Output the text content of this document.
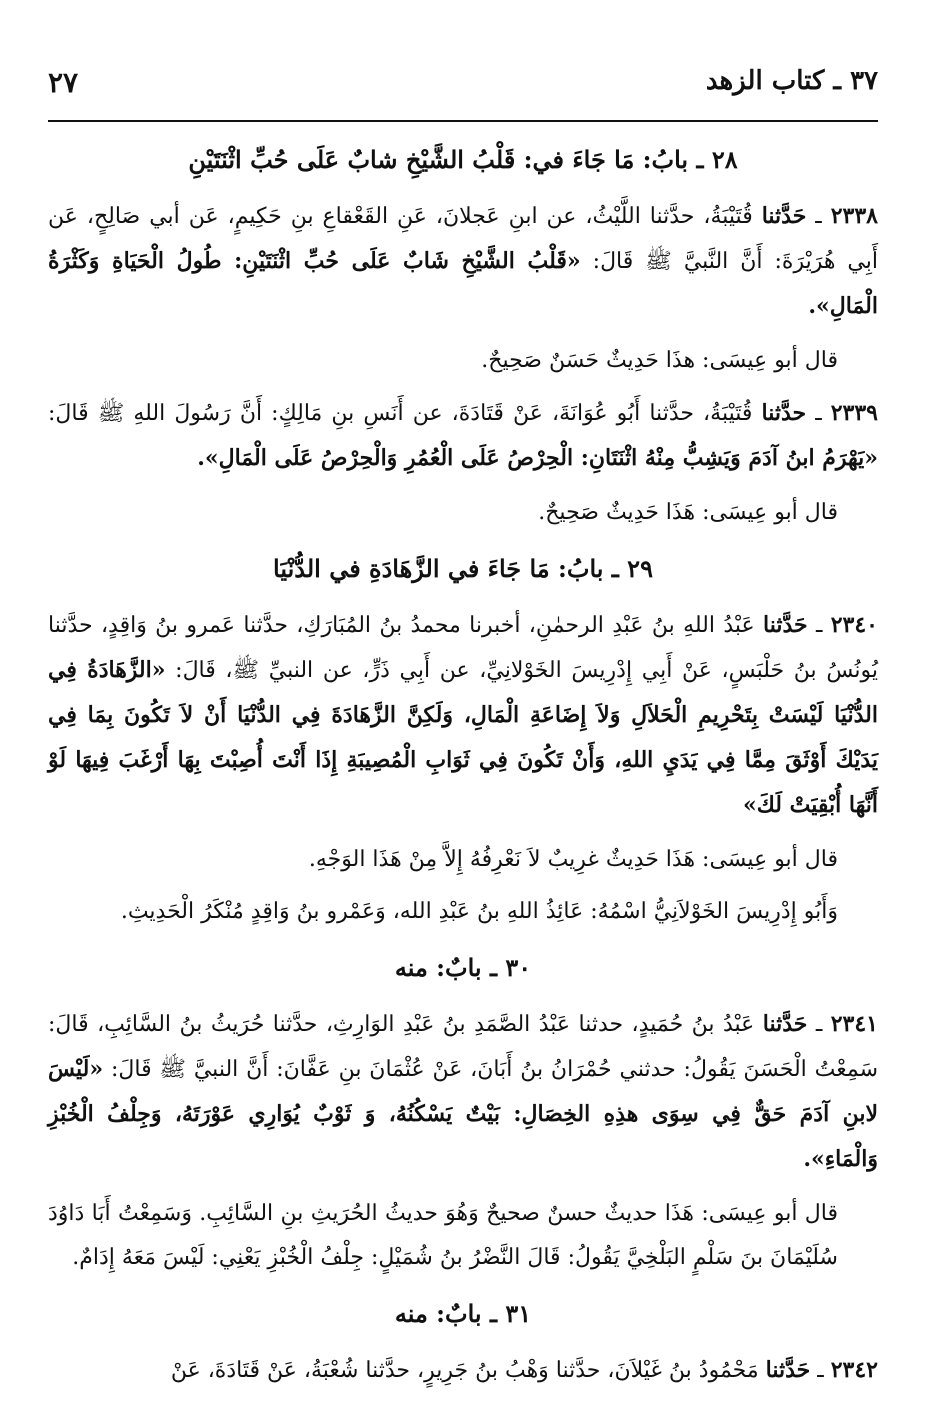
٣٧ ـ كتاب الزهد
٢٧
٢٨ ـ بابُ: مَا جَاءَ في: قَلْبُ الشَّيْخِ شابٌ عَلَى حُبِّ اثْنَتَيْنِ

٢٣٣٨ ـ حَدَّثنا قُتَيْبَةُ، حدَّثنا اللَّيْثُ، عن ابنِ عَجلانَ، عَنِ القَعْقاعِ بنِ حَكِيمٍ، عَن أبي صَالِحٍ، عَن أَبِي هُرَيْرَةَ: أَنَّ النَّبيَّ ﷺ قَالَ: «قَلْبُ الشَّيْخِ شَابٌ عَلَى حُبِّ اثْنَتَيْنِ: طُولُ الْحَيَاةِ وَكَثْرَةُ الْمَالِ».

قال أبو عِيسَى: هذَا حَدِيثٌ حَسَنٌ صَحِيحٌ.

٢٣٣٩ ـ حدَّثنا قُتَيْبَةُ، حدَّثنا أَبُو عُوَانَةَ، عَنْ قَتَادَةَ، عن أَنَسِ بنِ مَالِكٍ: أَنَّ رَسُولَ اللهِ ﷺ قَالَ: «يَهْرَمُ ابنُ آدَمَ وَيَشِبُّ مِنْهُ اثْنَتَانِ: الْحِرْصُ عَلَى الْعُمُرِ وَالْحِرْصُ عَلَى الْمَالِ».

قال أبو عِيسَى: هَذَا حَدِيثٌ صَحِيحٌ.

٢٩ ـ بابُ: مَا جَاءَ في الزَّهَادَةِ في الدُّنْيَا

٢٣٤٠ ـ حَدَّثنا عَبْدُ اللهِ بنُ عَبْدِ الرحمٰنِ، أخبرنا محمدُ بنُ المُبَارَكِ، حدَّثنا عَمرو بنُ وَاقِدٍ، حدَّثنا يُونُسُ بنُ حَلْبَسٍ، عَنْ أَبِي إِدْرِيسَ الخَوْلانِيِّ، عن أَبِي ذَرٍّ، عن النبيِّ ﷺ، قَالَ: «الزَّهَادَةُ فِي الدُّنْيَا لَيْسَتْ بِتَحْرِيمِ الْحَلاَلِ وَلاَ إِضَاعَةِ الْمَالِ، وَلَكِنَّ الزَّهَادَةَ فِي الدُّنْيَا أَنْ لاَ تَكُونَ بِمَا فِي يَدَيْكَ أَوْثَقَ مِمَّا فِي يَدَيِ اللهِ، وَأَنْ تَكُونَ فِي ثَوَابِ الْمُصِيبَةِ إِذَا أَنْتَ أُصِبْتَ بِهَا أَرْغَبَ فِيهَا لَوْ أَنَّهَا أُبْقِيَتْ لَكَ»

قال أبو عِيسَى: هَذَا حَدِيثٌ غرِيبٌ لاَ نَعْرِفُهُ إِلاَّ مِنْ هَذَا الوَجْهِ.

وَأَبُو إِدْرِيسَ الخَوْلاَنِيُّ اسْمُهُ: عَائِذُ اللهِ بنُ عَبْدِ الله، وَعَمْرو بنُ وَاقِدٍ مُنْكَرُ الْحَدِيثِ.

٣٠ ـ بابٌ: منه

٢٣٤١ ـ حَدَّثنا عَبْدُ بنُ حُمَيدٍ، حدثنا عَبْدُ الصَّمَدِ بنُ عَبْدِ الوَارِثِ، حدَّثنا حُرَيثُ بنُ السَّائِبِ، قَالَ: سَمِعْتُ الْحَسَنَ يَقُولُ: حدثني حُمْرَانُ بنُ أَبَانَ، عَنْ عُثْمَانَ بنِ عَفَّانَ: أَنَّ النبيَّ ﷺ قَالَ: «لَيْسَ لابنِ آدَمَ حَقٌّ فِي سِوَى هذِهِ الخِصَالِ: بَيْتٌ يَسْكُنُهُ، وَ ثَوْبٌ يُوَارِي عَوْرَتَهُ، وَجِلْفُ الْخُبْزِ وَالْمَاءِ».

قال أبو عِيسَى: هَذَا حديثٌ حسنٌ صحيحٌ وَهُوَ حديثُ الحُرَيثِ بنِ السَّائِبِ. وَسَمِعْتُ أَبَا دَاوُدَ سُلَيْمَانَ بنَ سَلْمٍ البَلْخِيَّ يَقُولُ: قَالَ النَّضْرُ بنُ شُمَيْلٍ: جِلْفُ الْخُبْزِ يَعْنِي: لَيْسَ مَعَهُ إِدَامٌ.

٣١ ـ بابٌ: منه

٢٣٤٢ ـ حَدَّثنا مَحْمُودُ بنُ غَيْلاَنَ، حدَّثنا وَهْبُ بنُ جَرِيرٍ، حدَّثنا شُعْبَةُ، عَنْ قَتَادَةَ، عَنْ
